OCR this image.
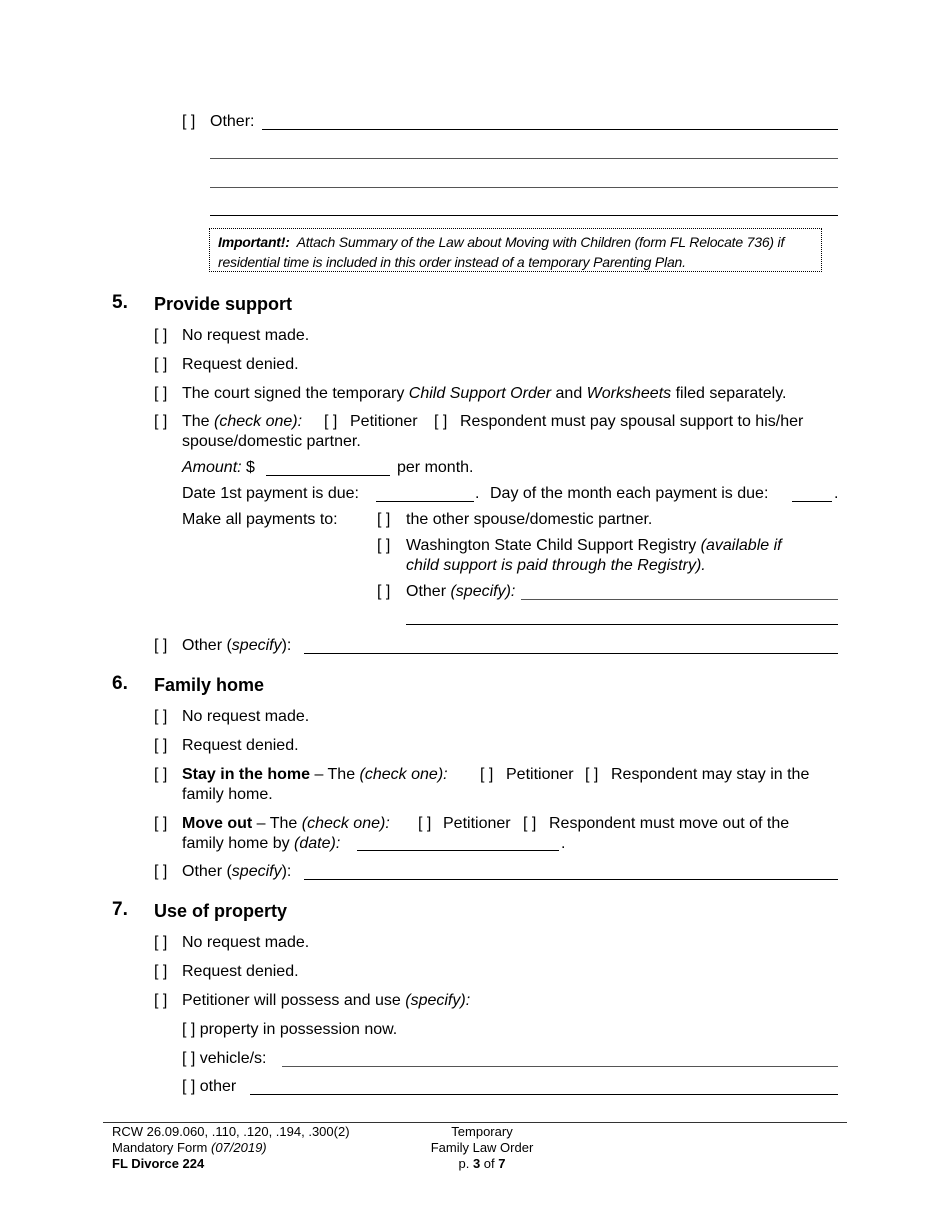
[ ] Other:
Important!: Attach Summary of the Law about Moving with Children (form FL Relocate 736) if residential time is included in this order instead of a temporary Parenting Plan.
5. Provide support
[ ] No request made.
[ ] Request denied.
[ ] The court signed the temporary Child Support Order and Worksheets filed separately.
[ ] The (check one): [ ] Petitioner [ ] Respondent must pay spousal support to his/her
spouse/domestic partner.
Amount: $	per month.
Date 1st payment is due:	. Day of the month each payment is due:	.
Make all payments to: [ ] the other spouse/domestic partner.
[ ] Washington State Child Support Registry (available if
child support is paid through the Registry).
[ ] Other (specify):
[ ] Other (specify):
6. Family home
[ ] No request made.
[ ] Request denied.
[ ] Stay in the home – The (check one): [ ] Petitioner [ ] Respondent may stay in the
family home.
[ ] Move out – The (check one): [ ] Petitioner [ ] Respondent must move out of the
family home by (date):	.
[ ] Other (specify):
7. Use of property
[ ] No request made.
[ ] Request denied.
[ ] Petitioner will possess and use (specify):
[ ] property in possession now.
[ ] vehicle/s:
[ ] other
RCW 26.09.060, .110, .120, .194, .300(2)
Mandatory Form (07/2019)
FL Divorce 224
Temporary
Family Law Order
p. 3 of 7
